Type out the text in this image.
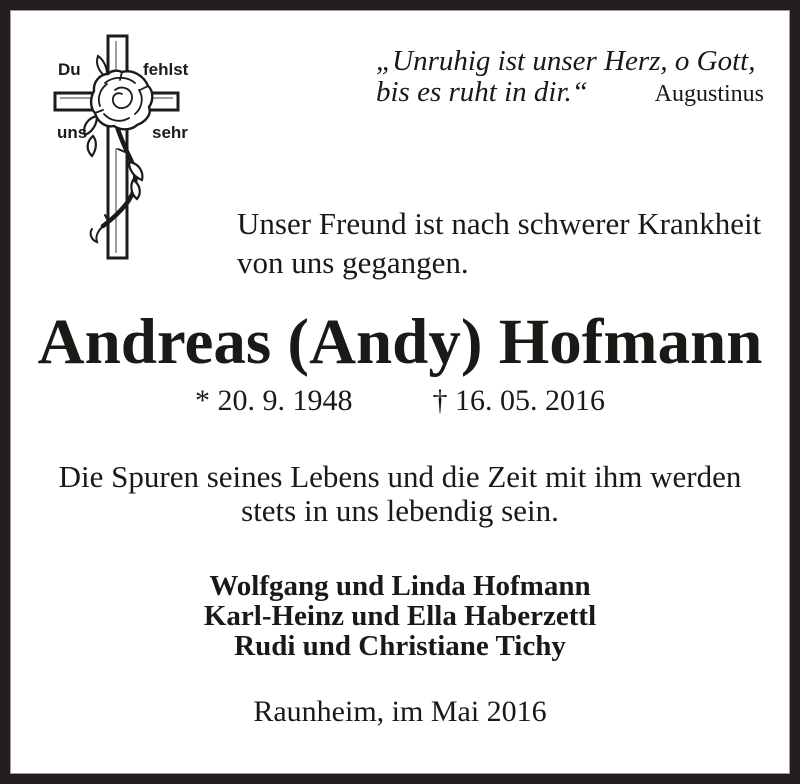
Du	fehlst
uns	sehr
„Unruhig ist unser Herz, o Gott,
bis es ruht in dir.“	Augustinus
Unser Freund ist nach schwerer Krankheit
von uns gegangen.
Andreas (Andy) Hofmann
* 20. 9. 1948	† 16. 05. 2016
Die Spuren seines Lebens und die Zeit mit ihm werden
stets in uns lebendig sein.
Wolfgang und Linda Hofmann
Karl-Heinz und Ella Haberzettl
Rudi und Christiane Tichy
Raunheim, im Mai 2016
